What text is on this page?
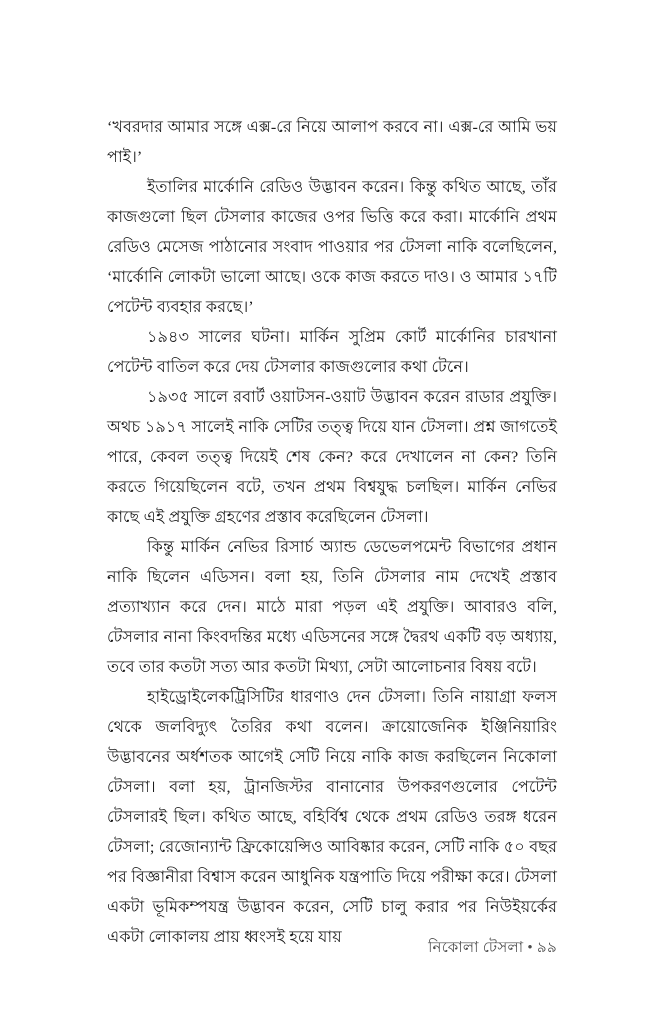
‘খবরদার আমার সঙ্গে এক্স-রে নিয়ে আলাপ করবে না। এক্স-রে আমি ভয় পাই।’

ইতালির মার্কোনি রেডিও উদ্ভাবন করেন। কিন্তু কথিত আছে, তাঁর কাজগুলো ছিল টেসলার কাজের ওপর ভিত্তি করে করা। মার্কোনি প্রথম রেডিও মেসেজ পাঠানোর সংবাদ পাওয়ার পর টেসলা নাকি বলেছিলেন, ‘মার্কোনি লোকটা ভালো আছে। ওকে কাজ করতে দাও। ও আমার ১৭টি পেটেন্ট ব্যবহার করছে।’

১৯৪৩ সালের ঘটনা। মার্কিন সুপ্রিম কোর্ট মার্কোনির চারখানা পেটেন্ট বাতিল করে দেয় টেসলার কাজগুলোর কথা টেনে।

১৯৩৫ সালে রবার্ট ওয়াটসন-ওয়াট উদ্ভাবন করেন রাডার প্রযুক্তি। অথচ ১৯১৭ সালেই নাকি সেটির তত্ত্ব দিয়ে যান টেসলা। প্রশ্ন জাগতেই পারে, কেবল তত্ত্ব দিয়েই শেষ কেন? করে দেখালেন না কেন? তিনি করতে গিয়েছিলেন বটে, তখন প্রথম বিশ্বযুদ্ধ চলছিল। মার্কিন নেভির কাছে এই প্রযুক্তি গ্রহণের প্রস্তাব করেছিলেন টেসলা।

কিন্তু মার্কিন নেভির রিসার্চ অ্যান্ড ডেভেলপমেন্ট বিভাগের প্রধান নাকি ছিলেন এডিসন। বলা হয়, তিনি টেসলার নাম দেখেই প্রস্তাব প্রত্যাখ্যান করে দেন। মাঠে মারা পড়ল এই প্রযুক্তি। আবারও বলি, টেসলার নানা কিংবদন্তির মধ্যে এডিসনের সঙ্গে দ্বৈরথ একটি বড় অধ্যায়, তবে তার কতটা সত্য আর কতটা মিথ্যা, সেটা আলোচনার বিষয় বটে।

হাইড্রোইলেকট্রিসিটির ধারণাও দেন টেসলা। তিনি নায়াগ্রা ফলস থেকে জলবিদ্যুৎ তৈরির কথা বলেন। ক্রায়োজেনিক ইঞ্জিনিয়ারিং উদ্ভাবনের অর্ধশতক আগেই সেটি নিয়ে নাকি কাজ করছিলেন নিকোলা টেসলা। বলা হয়, ট্রানজিস্টর বানানোর উপকরণগুলোর পেটেন্ট টেসলারই ছিল। কথিত আছে, বহির্বিশ্ব থেকে প্রথম রেডিও তরঙ্গ ধরেন টেসলা; রেজোন্যান্ট ফ্রিকোয়েন্সিও আবিষ্কার করেন, সেটি নাকি ৫০ বছর পর বিজ্ঞানীরা বিশ্বাস করেন আধুনিক যন্ত্রপাতি দিয়ে পরীক্ষা করে। টেসলা একটা ভূমিকম্পযন্ত্র উদ্ভাবন করেন, সেটি চালু করার পর নিউইয়র্কের একটা লোকালয় প্রায় ধ্বংসই হয়ে যায়

নিকোলা টেসলা • ৯৯
